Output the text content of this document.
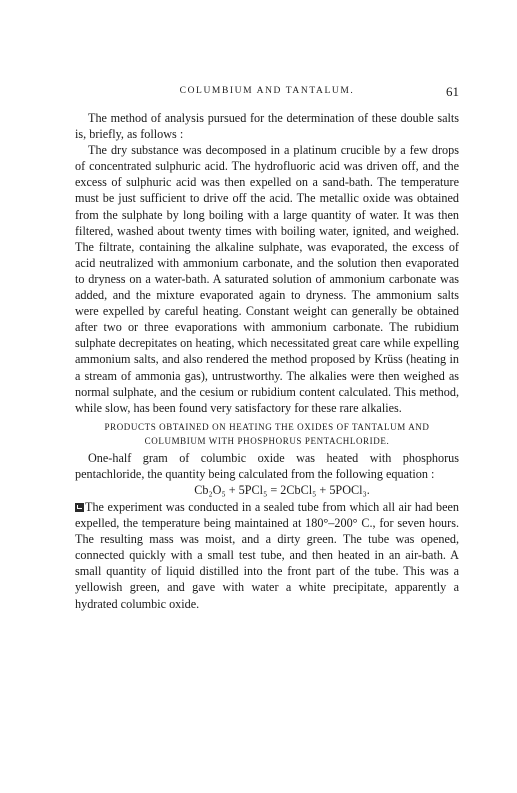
COLUMBIUM AND TANTALUM.	61

The method of analysis pursued for the determination of these double salts is, briefly, as follows :

The dry substance was decomposed in a platinum crucible by a few drops of concentrated sulphuric acid. The hydrofluoric acid was driven off, and the excess of sulphuric acid was then expelled on a sand-bath. The temperature must be just sufficient to drive off the acid. The metallic oxide was obtained from the sulphate by long boiling with a large quantity of water. It was then filtered, washed about twenty times with boiling water, ignited, and weighed. The filtrate, containing the alkaline sulphate, was evaporated, the excess of acid neutralized with ammonium carbonate, and the solution then evaporated to dryness on a water-bath. A saturated solution of ammonium carbonate was added, and the mixture evaporated again to dryness. The ammonium salts were expelled by careful heating. Constant weight can generally be obtained after two or three evaporations with ammonium carbonate. The rubidium sulphate decrepitates on heating, which necessitated great care while expelling ammonium salts, and also rendered the method proposed by Krüss (heating in a stream of ammonia gas), untrustworthy. The alkalies were then weighed as normal sulphate, and the cesium or rubidium content calculated. This method, while slow, has been found very satisfactory for these rare alkalies.

PRODUCTS OBTAINED ON HEATING THE OXIDES OF TANTALUM AND COLUMBIUM WITH PHOSPHORUS PENTACHLORIDE.

One-half gram of columbic oxide was heated with phosphorus pentachloride, the quantity being calculated from the following equation :

Cb₂O₅ + 5PCl₅ = 2CbCl₅ + 5POCl₃.

The experiment was conducted in a sealed tube from which all air had been expelled, the temperature being maintained at 180°–200° C., for seven hours. The resulting mass was moist, and a dirty green. The tube was opened, connected quickly with a small test tube, and then heated in an air-bath. A small quantity of liquid distilled into the front part of the tube. This was a yellowish green, and gave with water a white precipitate, apparently a hydrated columbic oxide.
